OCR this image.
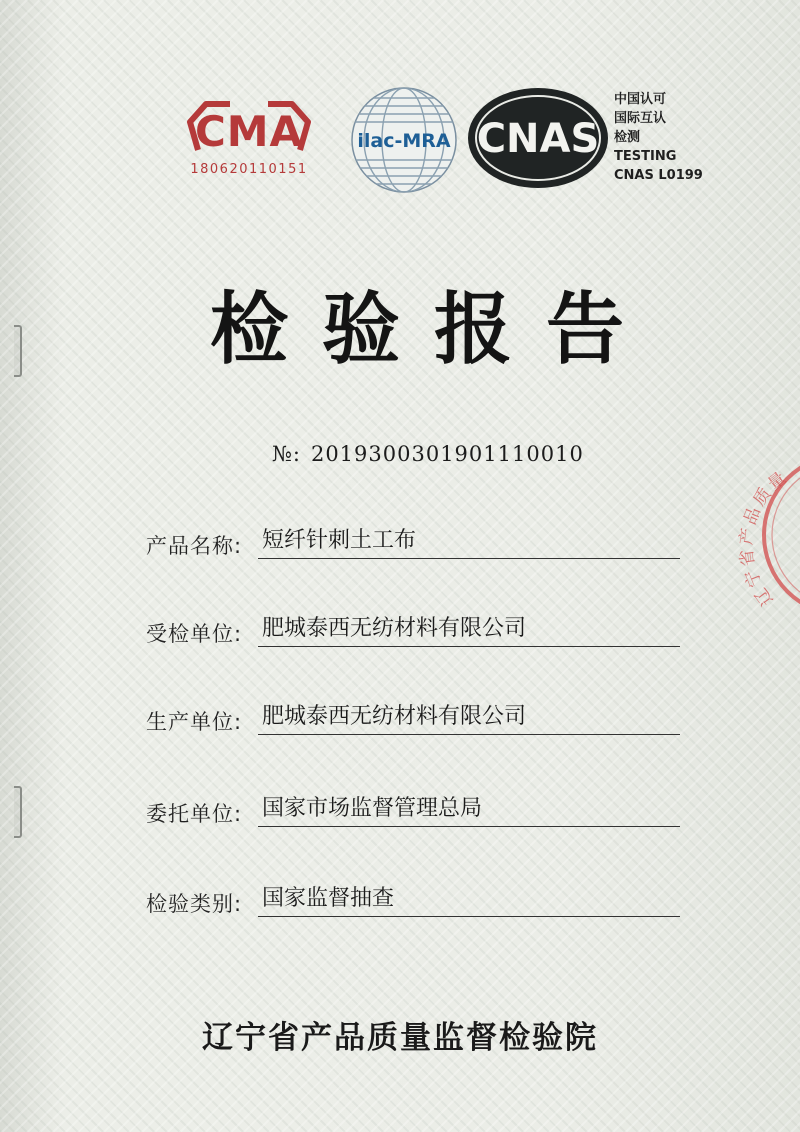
CMA
180620110151
ilac-MRA CNAS
中国认可
国际互认
检测
TESTING
CNAS L0199
检验报告
№: 2019300301901110010
产品名称: 短纤针刺土工布
受检单位: 肥城泰西无纺材料有限公司
生产单位: 肥城泰西无纺材料有限公司
委托单位: 国家市场监督管理总局
检验类别: 国家监督抽查
辽宁省产品质量监督检验院
辽宁省产品质量
